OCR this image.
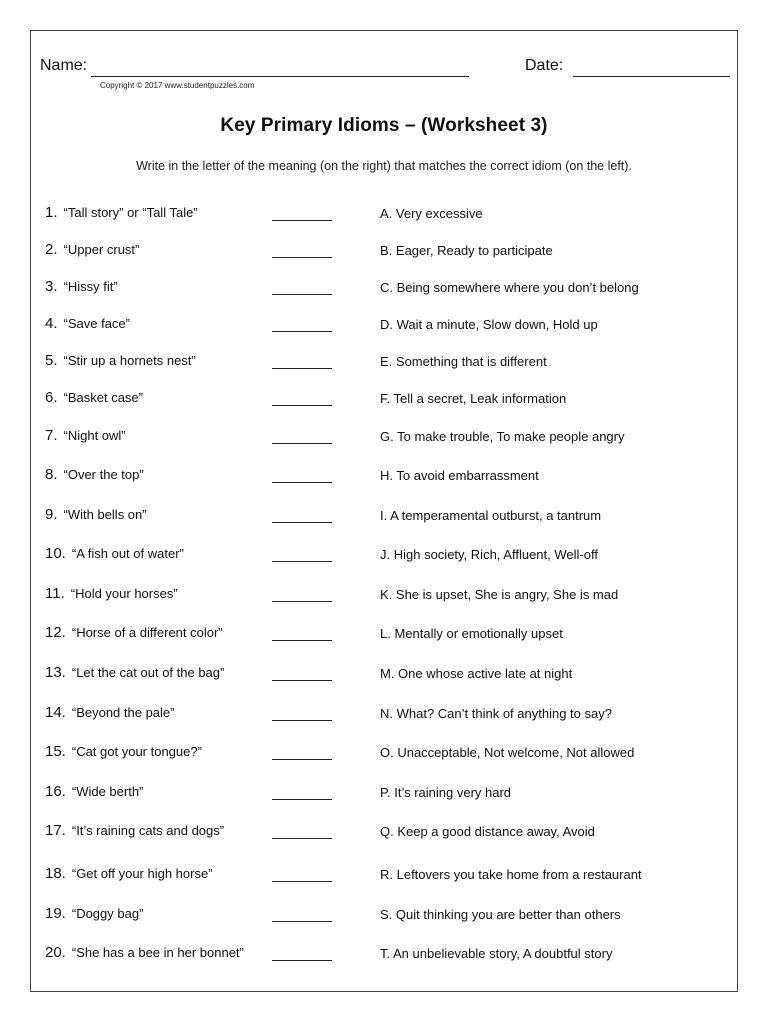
Name:	Date:
Copyright © 2017 www.studentpuzzles.com
Key Primary Idioms – (Worksheet 3)
Write in the letter of the meaning (on the right) that matches the correct idiom (on the left).
1. “Tall story” or “Tall Tale”	A. Very excessive
2. “Upper crust”	B. Eager, Ready to participate
3. “Hissy fit”	C. Being somewhere where you don’t belong
4. “Save face”	D. Wait a minute, Slow down, Hold up
5. “Stir up a hornets nest”	E. Something that is different
6. “Basket case”	F. Tell a secret, Leak information
7. “Night owl”	G. To make trouble, To make people angry
8. “Over the top”	H. To avoid embarrassment
9. “With bells on”	I. A temperamental outburst, a tantrum
10. “A fish out of water”	J. High society, Rich, Affluent, Well-off
11. “Hold your horses”	K. She is upset, She is angry, She is mad
12. “Horse of a different color”	L. Mentally or emotionally upset
13. “Let the cat out of the bag”	M. One whose active late at night
14. “Beyond the pale”	N. What? Can’t think of anything to say?
15. “Cat got your tongue?”	O. Unacceptable, Not welcome, Not allowed
16. “Wide berth”	P. It’s raining very hard
17. “It’s raining cats and dogs”	Q. Keep a good distance away, Avoid
18. “Get off your high horse”	R. Leftovers you take home from a restaurant
19. “Doggy bag”	S. Quit thinking you are better than others
20. “She has a bee in her bonnet”	T. An unbelievable story, A doubtful story
